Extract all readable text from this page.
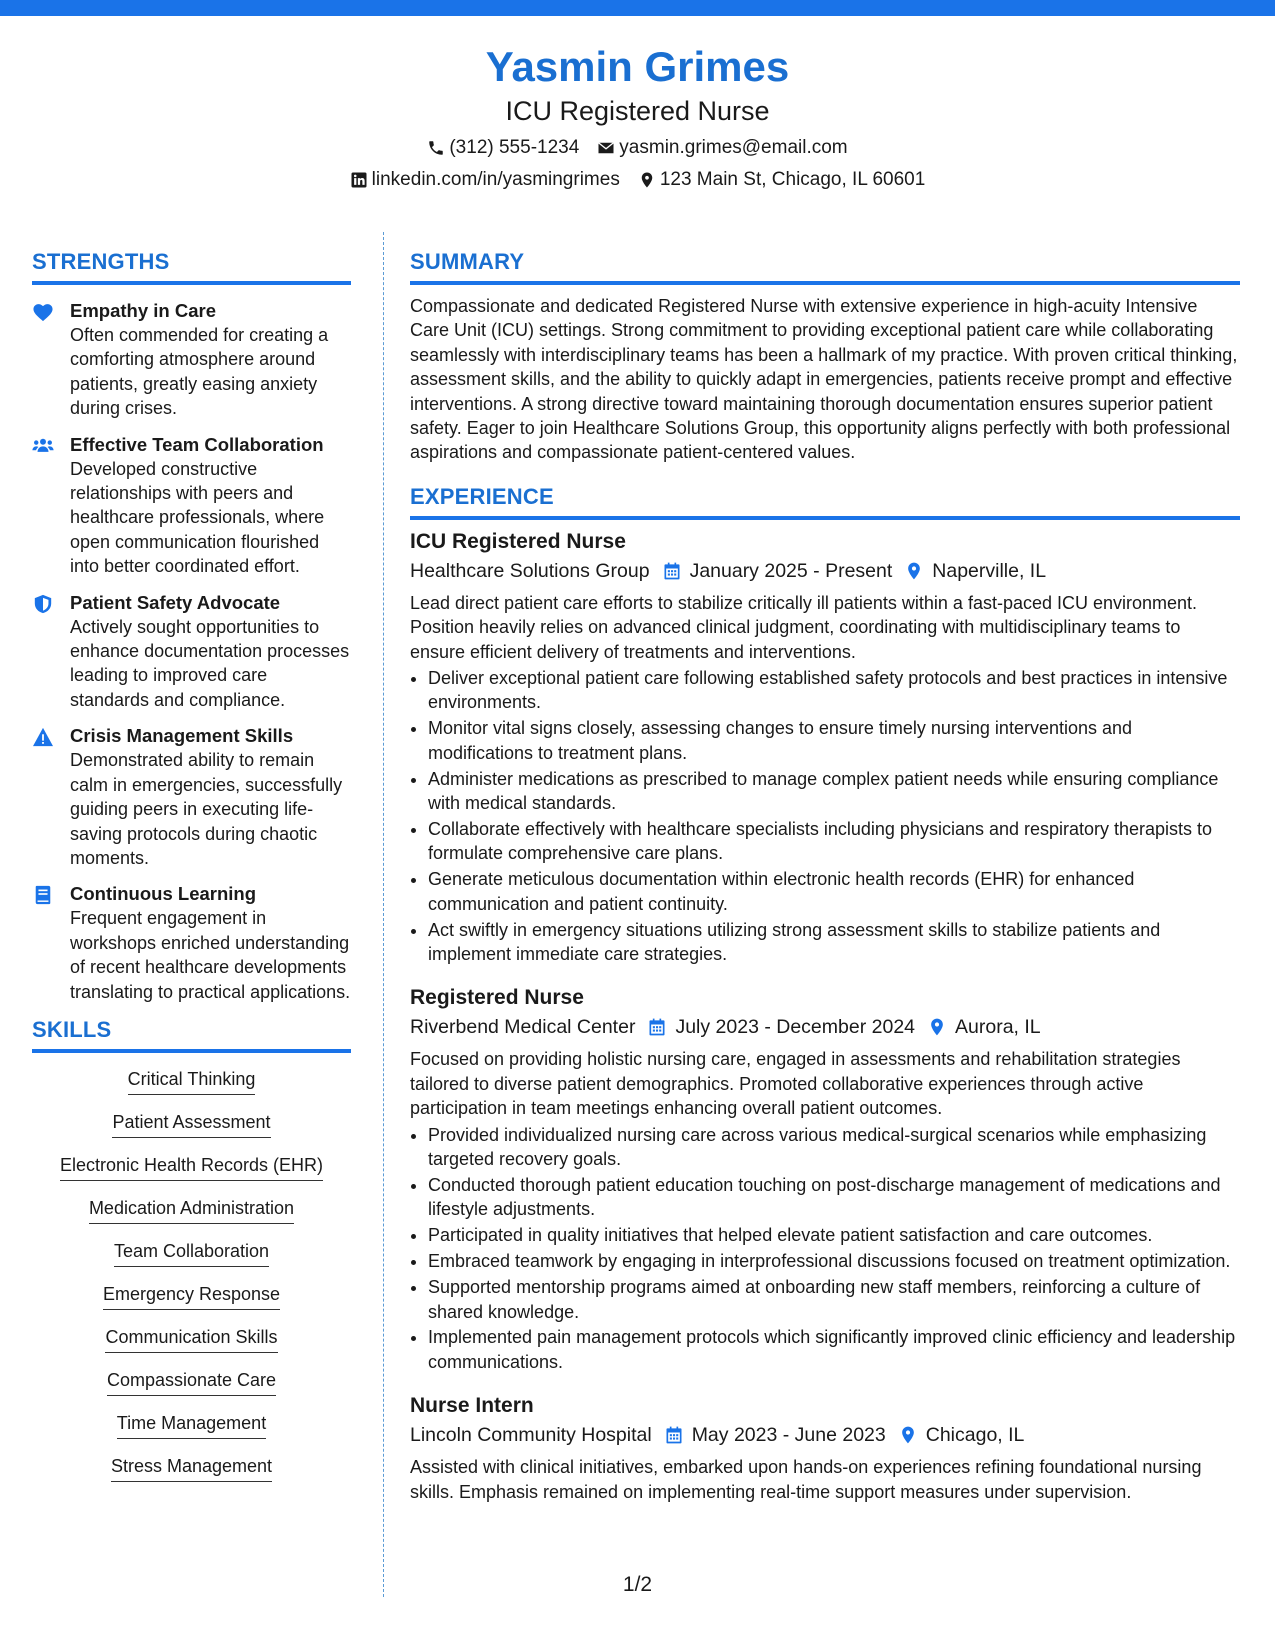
Yasmin Grimes
ICU Registered Nurse
(312) 555-1234 yasmin.grimes@email.com
linkedin.com/in/yasmingrimes 123 Main St, Chicago, IL 60601
STRENGTHS
Empathy in Care
Often commended for creating a comforting atmosphere around patients, greatly easing anxiety during crises.
Effective Team Collaboration
Developed constructive relationships with peers and healthcare professionals, where open communication flourished into better coordinated effort.
Patient Safety Advocate
Actively sought opportunities to enhance documentation processes leading to improved care standards and compliance.
Crisis Management Skills
Demonstrated ability to remain calm in emergencies, successfully guiding peers in executing life-saving protocols during chaotic moments.
Continuous Learning
Frequent engagement in workshops enriched understanding of recent healthcare developments translating to practical applications.
SKILLS
Critical Thinking
Patient Assessment
Electronic Health Records (EHR)
Medication Administration
Team Collaboration
Emergency Response
Communication Skills
Compassionate Care
Time Management
Stress Management
SUMMARY

Compassionate and dedicated Registered Nurse with extensive experience in high-acuity Intensive Care Unit (ICU) settings. Strong commitment to providing exceptional patient care while collaborating seamlessly with interdisciplinary teams has been a hallmark of my practice. With proven critical thinking, assessment skills, and the ability to quickly adapt in emergencies, patients receive prompt and effective interventions. A strong directive toward maintaining thorough documentation ensures superior patient safety. Eager to join Healthcare Solutions Group, this opportunity aligns perfectly with both professional aspirations and compassionate patient-centered values.

EXPERIENCE
ICU Registered Nurse
Healthcare Solutions Group January 2025 - Present Naperville, IL
Lead direct patient care efforts to stabilize critically ill patients within a fast-paced ICU environment. Position heavily relies on advanced clinical judgment, coordinating with multidisciplinary teams to ensure efficient delivery of treatments and interventions.
• Deliver exceptional patient care following established safety protocols and best practices in intensive environments.
• Monitor vital signs closely, assessing changes to ensure timely nursing interventions and modifications to treatment plans.
• Administer medications as prescribed to manage complex patient needs while ensuring compliance with medical standards.
• Collaborate effectively with healthcare specialists including physicians and respiratory therapists to formulate comprehensive care plans.
• Generate meticulous documentation within electronic health records (EHR) for enhanced communication and patient continuity.
• Act swiftly in emergency situations utilizing strong assessment skills to stabilize patients and implement immediate care strategies.
Registered Nurse
Riverbend Medical Center July 2023 - December 2024 Aurora, IL
Focused on providing holistic nursing care, engaged in assessments and rehabilitation strategies tailored to diverse patient demographics. Promoted collaborative experiences through active participation in team meetings enhancing overall patient outcomes.
• Provided individualized nursing care across various medical-surgical scenarios while emphasizing targeted recovery goals.
• Conducted thorough patient education touching on post-discharge management of medications and lifestyle adjustments.
• Participated in quality initiatives that helped elevate patient satisfaction and care outcomes.
• Embraced teamwork by engaging in interprofessional discussions focused on treatment optimization.
• Supported mentorship programs aimed at onboarding new staff members, reinforcing a culture of shared knowledge.
• Implemented pain management protocols which significantly improved clinic efficiency and leadership communications.
Nurse Intern
Lincoln Community Hospital May 2023 - June 2023 Chicago, IL
Assisted with clinical initiatives, embarked upon hands-on experiences refining foundational nursing skills. Emphasis remained on implementing real-time support measures under supervision.
1/2
